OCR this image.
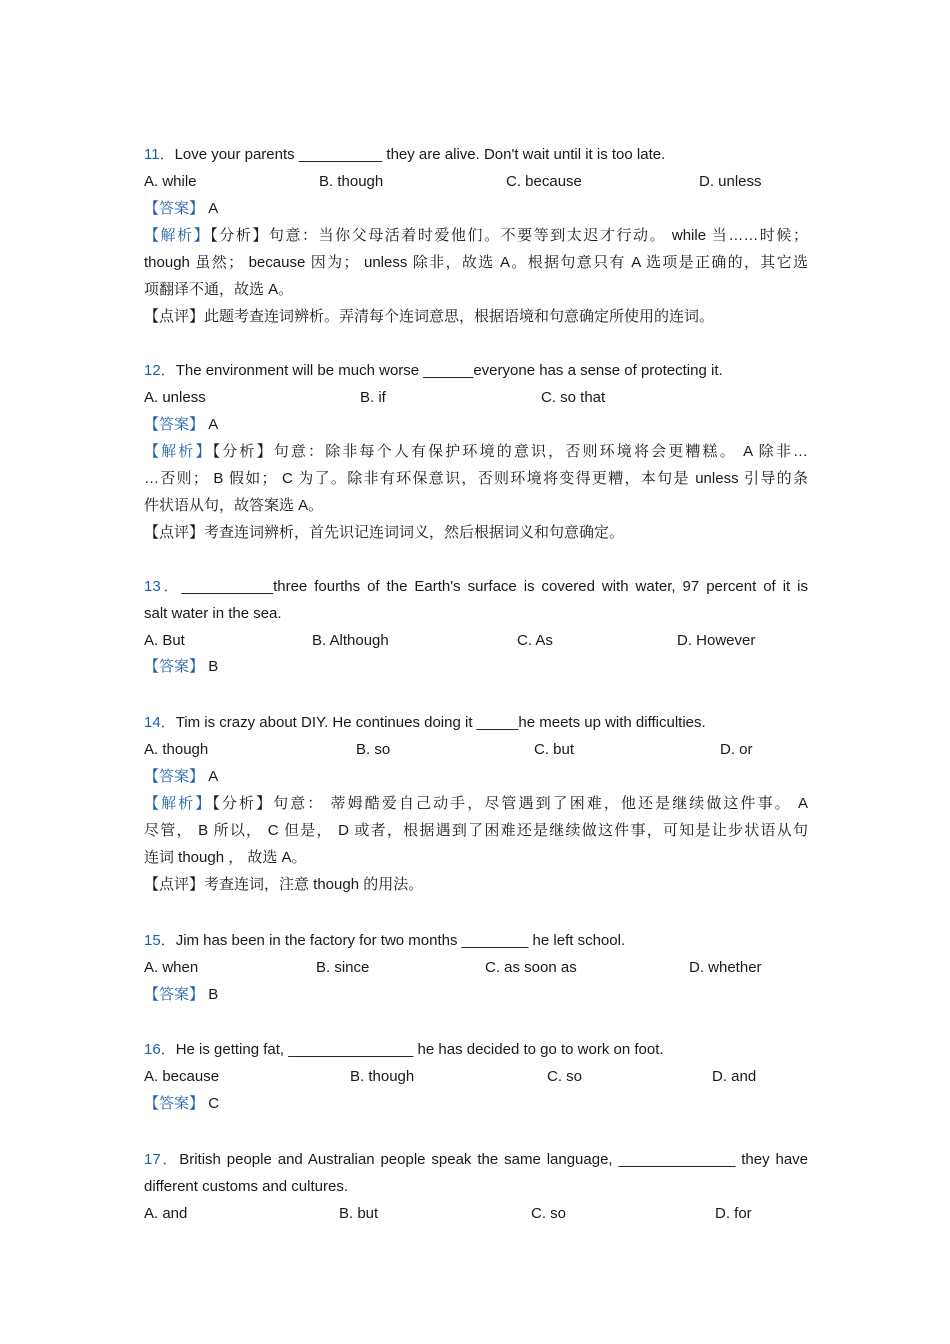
11．Love your parents __________ they are alive. Don't wait until it is too late.
A. while	B. though	C. because	D. unless
【答案】 A
【解析】【分析】句意：当你父母活着时爱他们。不要等到太迟才行动。 while 当……时候；
though 虽然； because 因为； unless 除非，故选 A。根据句意只有 A 选项是正确的，其它选
项翻译不通，故选 A。
【点评】此题考查连词辨析。弄清每个连词意思，根据语境和句意确定所使用的连词。
12．The environment will be much worse ______everyone has a sense of protecting it.
A. unless	B. if	C. so that
【答案】 A
【解析】【分析】句意：除非每个人有保护环境的意识，否则环境将会更糟糕。 A 除非…
…否则； B 假如； C 为了。除非有环保意识，否则环境将变得更糟，本句是 unless 引导的条
件状语从句，故答案选 A。
【点评】考查连词辨析，首先识记连词词义，然后根据词义和句意确定。
13．___________three fourths of the Earth's surface is covered with water, 97 percent of it is
salt water in the sea.
A. But	B. Although	C. As	D. However
【答案】 B
14．Tim is crazy about DIY. He continues doing it _____he meets up with difficulties.
A. though	B. so	C. but	D. or
【答案】 A
【解析】【分析】句意： 蒂姆酷爱自己动手，尽管遇到了困难，他还是继续做这件事。 A
尽管， B 所以， C 但是， D 或者，根据遇到了困难还是继续做这件事，可知是让步状语从句
连词 though ， 故选 A。
【点评】考查连词，注意 though 的用法。
15．Jim has been in the factory for two months ________ he left school.
A. when	B. since	C. as soon as	D. whether
【答案】 B
16．He is getting fat, _______________ he has decided to go to work on foot.
A. because	B. though	C. so	D. and
【答案】 C
17．British people and Australian people speak the same language, ______________ they have
different customs and cultures.
A. and	B. but	C. so	D. for
